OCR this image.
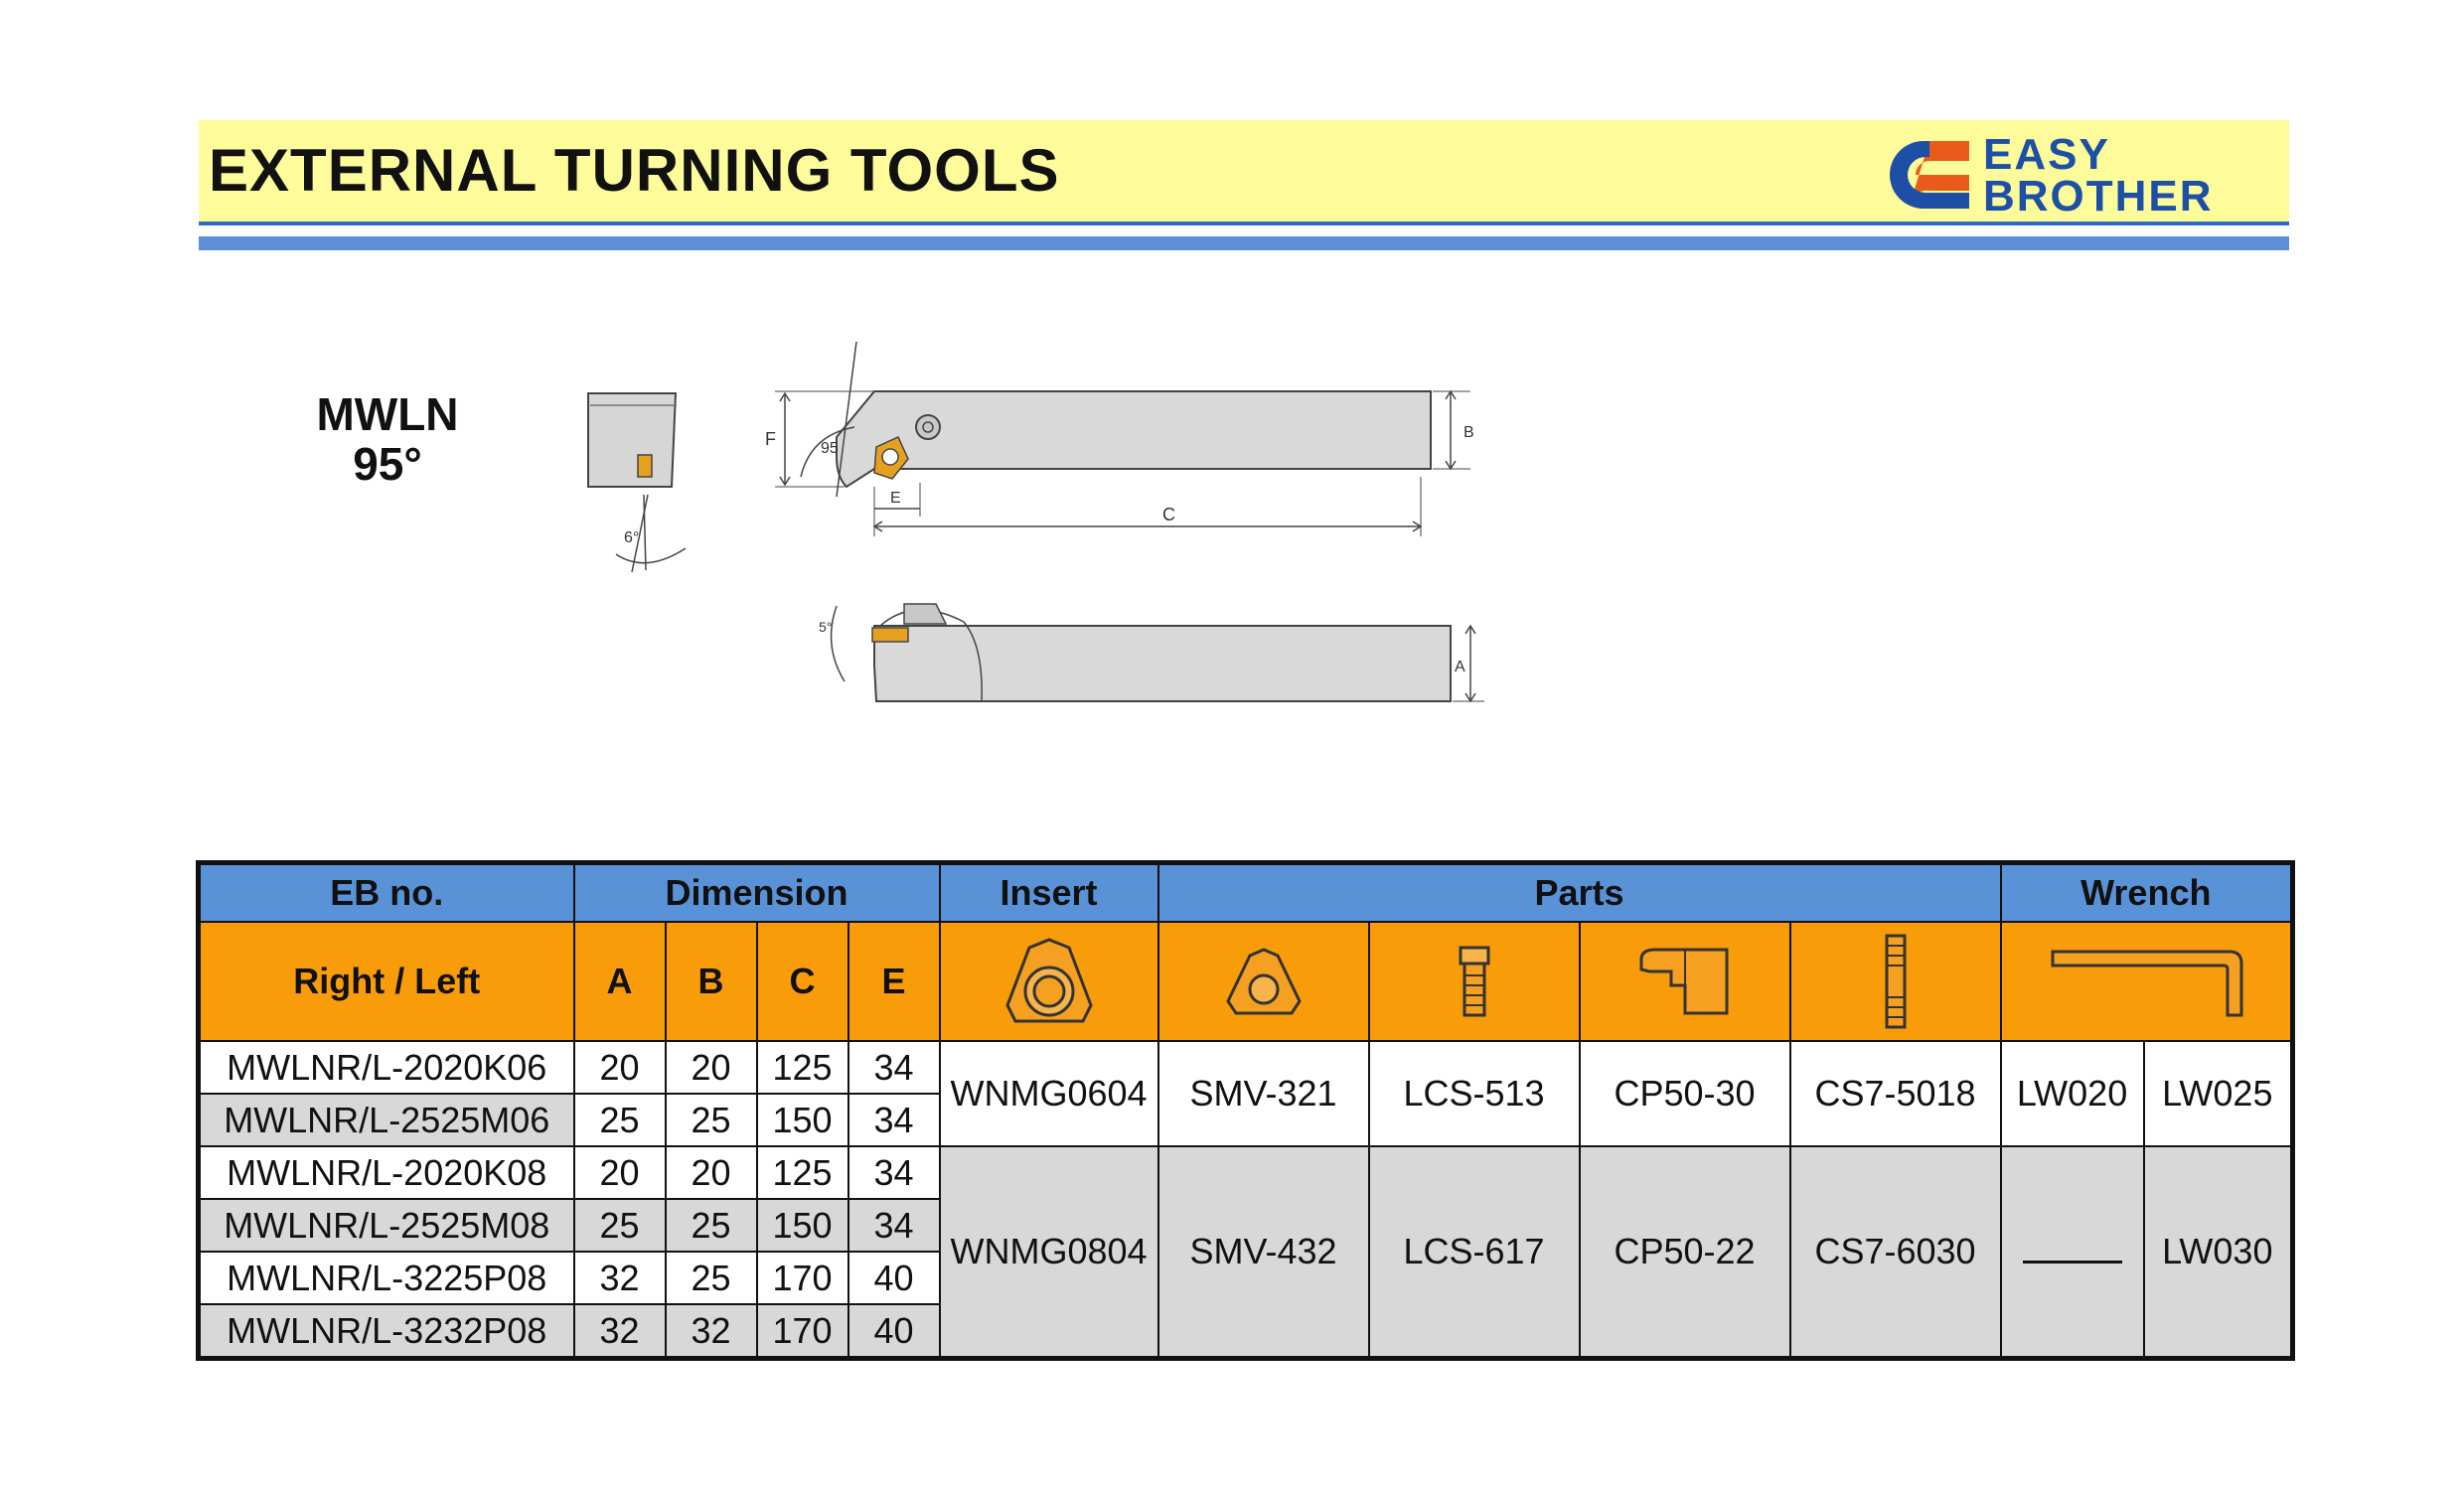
EXTERNAL TURNING TOOLS	EASY
BROTHER
MWLN
95°
6°
F	95
B
C
E
5°
A
EB no.	Dimension				Insert	Parts				Wrench	
Right / Left	A	B	C	E	

MWLNR/L-2020K06	20	20	125	34	WNMG0604	SMV-321	LCS-513	CP50-30	CS7-5018	LW020	LW025
MWLNR/L-2525M06	25	25	150	34							
MWLNR/L-2020K08	20	20	125	34	WNMG0804	SMV-432	LCS-617	CP50-22	CS7-6030		LW030
MWLNR/L-2525M08	25	25	150	34							
MWLNR/L-3225P08	32	25	170	40							
MWLNR/L-3232P08	32	32	170	40							
